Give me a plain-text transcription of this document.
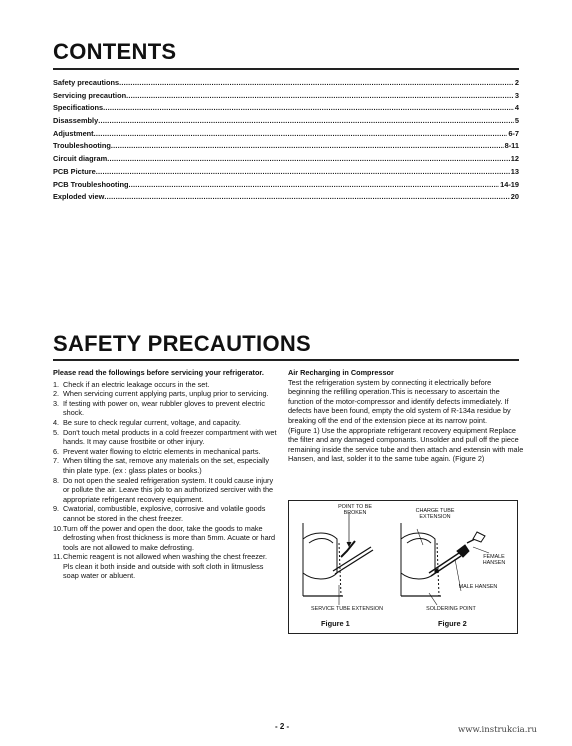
CONTENTS
Safety precautions .....	2
Servicing precaution .....	3
Specifications .....	4
Disassembly .....	5
Adjustment .....	6-7
Troubleshooting .....	8-11
Circuit diagram .....	12
PCB Picture .....	13
PCB Troubleshooting .....	14-19
Exploded view .....	20
SAFETY PRECAUTIONS
Please read the followings before servicing your refrigerator.
1. Check if an electric leakage occurs in the set.
2. When servicing current applying parts, unplug prior to servicing.
3. If testing with power on, wear rubbler gloves to prevent electric shock.
4. Be sure to check regular current, voltage, and capacity.
5. Don't touch metal products in a cold freezer compartment with wet hands. It may cause frostbite or other injury.
6. Prevent water flowing to elctric elements in mechanical parts.
7. When tilting the sat, remove any materials on the set, especially thin plate type. (ex : glass plates or books.)
8. Do not open the sealed refrigeration system. It could cause injury or pollute the air. Leave this job to an authorized serciver with the appropriate refrigerant recovery equipment.
9. Cwatorial, combustible, explosive, corrosive and volatile goods cannot be stored in the chest freezer.
10. Turn off the power and open the door, take the goods to make defrosting when frost thickness is more than 5mm. Acuate or hard tools are not allowed to make defrosting.
11. Chemic reagent is not allowed when washing the chest freezer. Pls clean it both inside and outside with soft cloth in litmusless soap water or abluent.
Air Recharging in Compressor

Test the refrigeration system by connecting it electrically before beginning the refilling operation.This is necessary to ascertain the function of the motor-compressor and identify defects immediately. If defects have been found, empty the old system of R-134a residue by breaking off the end of the extension piece at its narrow point.

(Figure 1) Use the appropriate refrigerant recovery equipment Replace the filter and any damaged componants. Unsolder and pull off the piece remaining inside the service tube and then attach and extensin with male Hansen, and last, solder it to the same tube again. (Figure 2)

POINT TO BE BROKEN	CHARGE TUBE EXTENSION
FEMALE HANSEN
MALE HANSEN
SERVICE TUBE EXTENSION	SOLDERING POINT
Figure 1	Figure 2
- 2 -	www.instrukcia.ru
